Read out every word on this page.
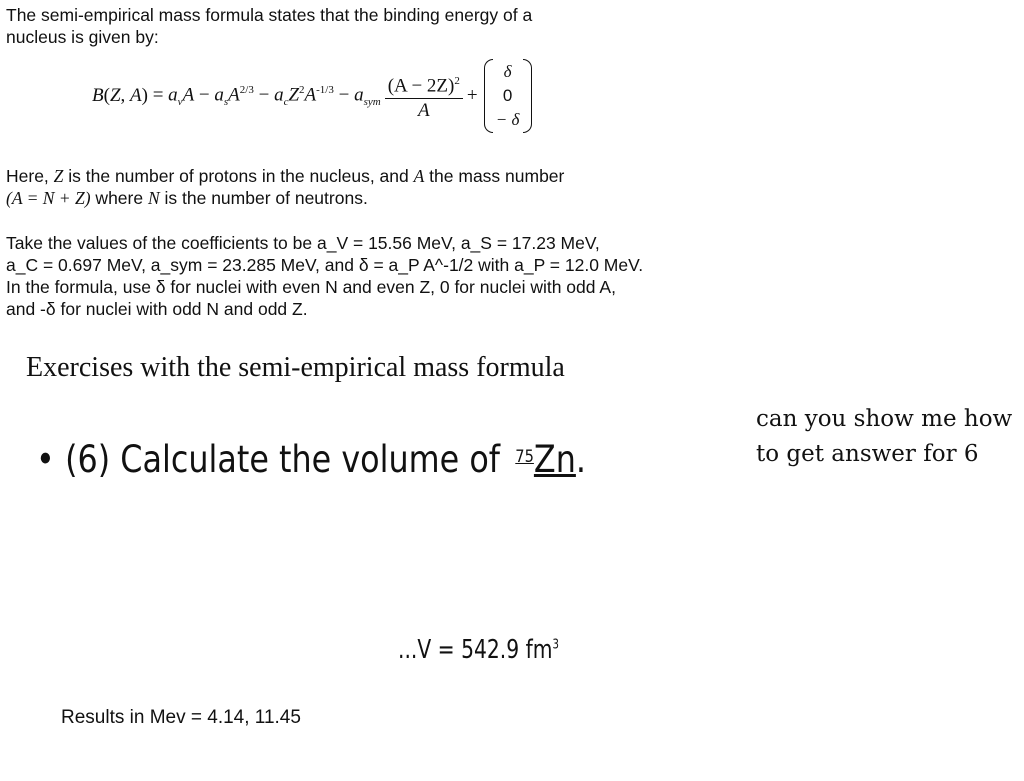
The semi-empirical mass formula states that the binding energy of a
nucleus is given by:
B(Z, $A) = a_vA - a_sA^{2/3} - a_cZ^2A^{-1/3} - a_{sym} \frac{(A - 2Z)^2}{A}$ +
δ
0
− δ
Here, Z is the number of protons in the nucleus, and A the mass number
(A = N + Z) where N is the number of neutrons.
Take the values of the coefficients to be a_V = 15.56 MeV, a_S = 17.23 MeV,
a_C = 0.697 MeV, a_sym = 23.285 MeV, and δ = a_P A^-1/2 with a_P = 12.0 MeV.
In the formula, use δ for nuclei with even N and even Z, 0 for nuclei with odd A,
and -δ for nuclei with odd N and odd Z.
Exercises with the semi-empirical mass formula
• (6) Calculate the volume of 75Zn.
can you show me how to get answer for 6
...V = 542.9 $fm^3$
Results in Mev = 4.14, 11.45
